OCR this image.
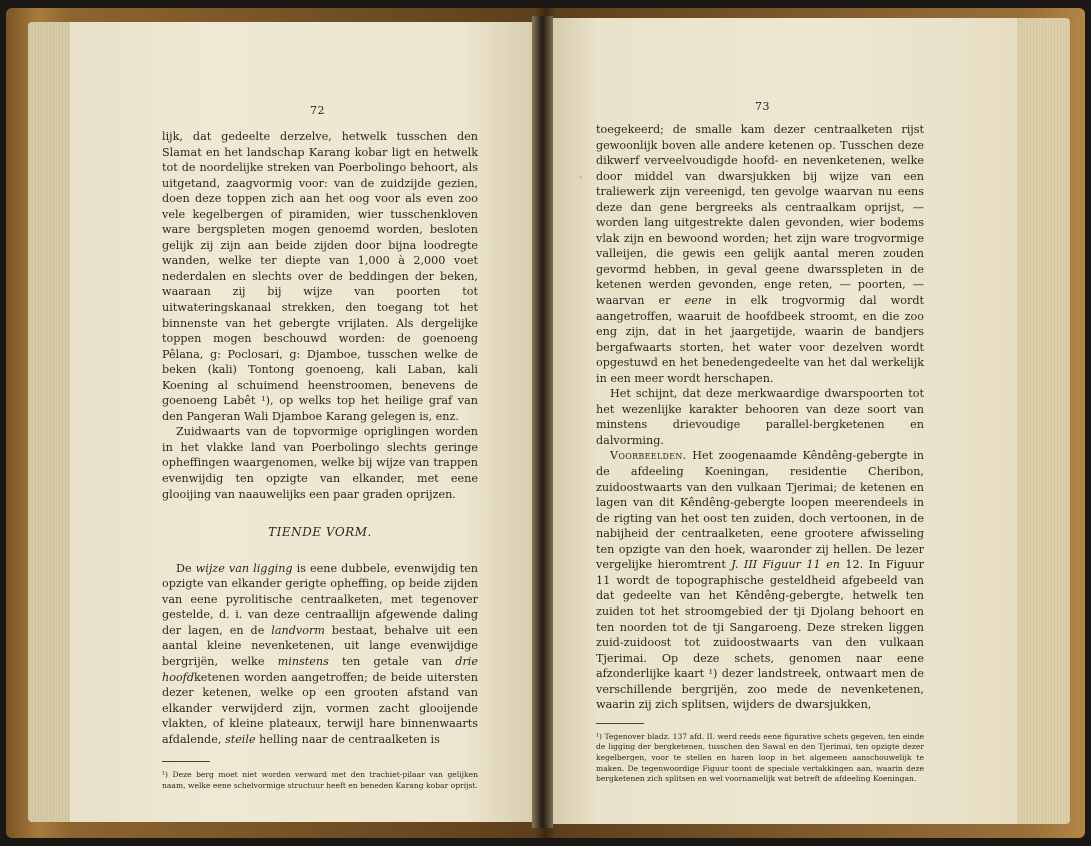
72

lijk, dat gedeelte derzelve, hetwelk tusschen den Slamat en het landschap Karang kobar ligt en hetwelk tot de noordelijke streken van Poerbolingo behoort, als uitgetand, zaagvormig voor: van de zuidzijde gezien, doen deze toppen zich aan het oog voor als even zoo vele kegelbergen of piramiden, wier tusschenkloven ware bergspleten mogen genoemd worden, besloten gelijk zij zijn aan beide zijden door bijna loodregte wanden, welke ter diepte van 1,000 à 2,000 voet nederdalen en slechts over de beddingen der beken, waaraan zij bij wijze van poorten tot uitwateringskanaal strekken, den toegang tot het binnenste van het gebergte vrijlaten. Als dergelijke toppen mogen beschouwd worden: de goenoeng Pêlana, g: Poclosari, g: Djamboe, tusschen welke de beken (kali) Tontong goenoeng, kali Laban, kali Koening al schuimend heenstroomen, benevens de goenoeng Labêt ¹), op welks top het heilige graf van den Pangeran Wali Djamboe Karang gelegen is, enz.

Zuidwaarts van de topvormige opriglingen worden in het vlakke land van Poerbolingo slechts geringe opheffingen waargenomen, welke bij wijze van trappen evenwijdig ten opzigte van elkander, met eene glooijing van naauwelijks een paar graden oprijzen.

TIENDE VORM.

De wijze van ligging is eene dubbele, evenwijdig ten opzigte van elkander gerigte opheffing, op beide zijden van eene pyrolitische centraalketen, met tegenover gestelde, d. i. van deze centraallijn afgewende daling der lagen, en de landvorm bestaat, behalve uit een aantal kleine nevenketenen, uit lange evenwijdige bergrijën, welke minstens ten getale van drie hoofdketenen worden aangetroffen; de beide uitersten dezer ketenen, welke op een grooten afstand van elkander verwijderd zijn, vormen zacht glooijende vlakten, of kleine plateaux, terwijl hare binnenwaarts afdalende, steile helling naar de centraalketen is

¹) Deze berg moet niet worden verward met den trachiet-pilaar van gelijken naam, welke eene schelvormige structuur heeft en beneden Karang kobar oprijst.

73

toegekeerd; de smalle kam dezer centraalketen rijst gewoonlijk boven alle andere ketenen op. Tusschen deze dikwerf verveelvoudigde hoofd- en nevenketenen, welke door middel van dwarsjukken bij wijze van een traliewerk zijn vereenigd, ten gevolge waarvan nu eens deze dan gene bergreeks als centraalkam oprijst, — worden lang uitgestrekte dalen gevonden, wier bodems vlak zijn en bewoond worden; het zijn ware trogvormige valleijen, die gewis een gelijk aantal meren zouden gevormd hebben, in geval geene dwarsspleten in de ketenen werden gevonden, enge reten, — poorten, — waarvan er eene in elk trogvormig dal wordt aangetroffen, waaruit de hoofdbeek stroomt, en die zoo eng zijn, dat in het jaargetijde, waarin de bandjers bergafwaarts storten, het water voor dezelven wordt opgestuwd en het benedengedeelte van het dal werkelijk in een meer wordt herschapen.

Het schijnt, dat deze merkwaardige dwarspoorten tot het wezenlijke karakter behooren van deze soort van minstens drievoudige parallel-bergketenen en dalvorming.

Voorbeelden. Het zoogenaamde Kêndêng-gebergte in de afdeeling Koeningan, residentie Cheribon, zuidoostwaarts van den vulkaan Tjerimai; de ketenen en lagen van dit Kêndêng-gebergte loopen meerendeels in de rigting van het oost ten zuiden, doch vertoonen, in de nabijheid der centraalketen, eene grootere afwisseling ten opzigte van den hoek, waaronder zij hellen. De lezer vergelijke hieromtrent J. III Figuur 11 en 12. In Figuur 11 wordt de topographische gesteldheid afgebeeld van dat gedeelte van het Kêndêng-gebergte, hetwelk ten zuiden tot het stroomgebied der tji Djolang behoort en ten noorden tot de tji Sangaroeng. Deze streken liggen zuid-zuidoost tot zuidoostwaarts van den vulkaan Tjerimai. Op deze schets, genomen naar eene afzonderlijke kaart ¹) dezer landstreek, ontwaart men de verschillende bergrijën, zoo mede de nevenketenen, waarin zij zich splitsen, wijders de dwarsjukken,

¹) Tegenover bladz. 137 afd. II. werd reeds eene figurative schets gegeven, ten einde de ligging der bergketenen, tusschen den Sawal en den Tjerimai, ten opzigte dezer kegelbergen, voor te stellen en haren loop in het algemeen aanschouwelijk te maken. De tegenwoordige Figuur toont de speciale vertakkingen aan, waarin deze bergketenen zich splitsen en wel voornamelijk wat betreft de afdeeling Koeningan.
